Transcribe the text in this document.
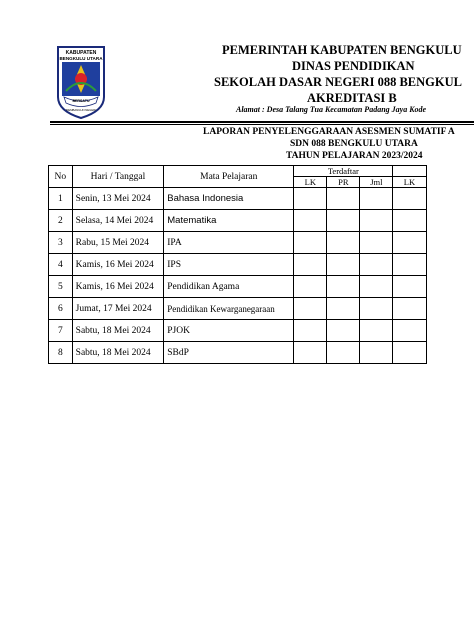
KABUPATEN
BENGKULU UTARA
BERSATU
MEMBANGUN NEGERI
PEMERINTAH KABUPATEN BENGKULU
DINAS PENDIDIKAN
SEKOLAH DASAR NEGERI 088 BENGKUL
AKREDITASI B
Alamat : Desa Talang Tua Kecamatan Padang Jaya Kode
LAPORAN PENYELENGGARAAN ASESMEN SUMATIF A
SDN 088 BENGKULU UTARA
TAHUN PELAJARAN 2023/2024
No	Hari / Tanggal	Mata Pelajaran	Terdaftar				
			LK	PR	Jml	LK	
1	Senin, 13 Mei 2024	Bahasa Indonesia					
2	Selasa, 14 Mei 2024	Matematika					
3	Rabu, 15 Mei 2024	IPA					
4	Kamis, 16 Mei 2024	IPS					
5	Kamis, 16 Mei 2024	Pendidikan Agama					
6	Jumat, 17 Mei 2024	Pendidikan Kewarganegaraan					
7	Sabtu, 18 Mei 2024	PJOK					
8	Sabtu, 18 Mei 2024	SBdP					
